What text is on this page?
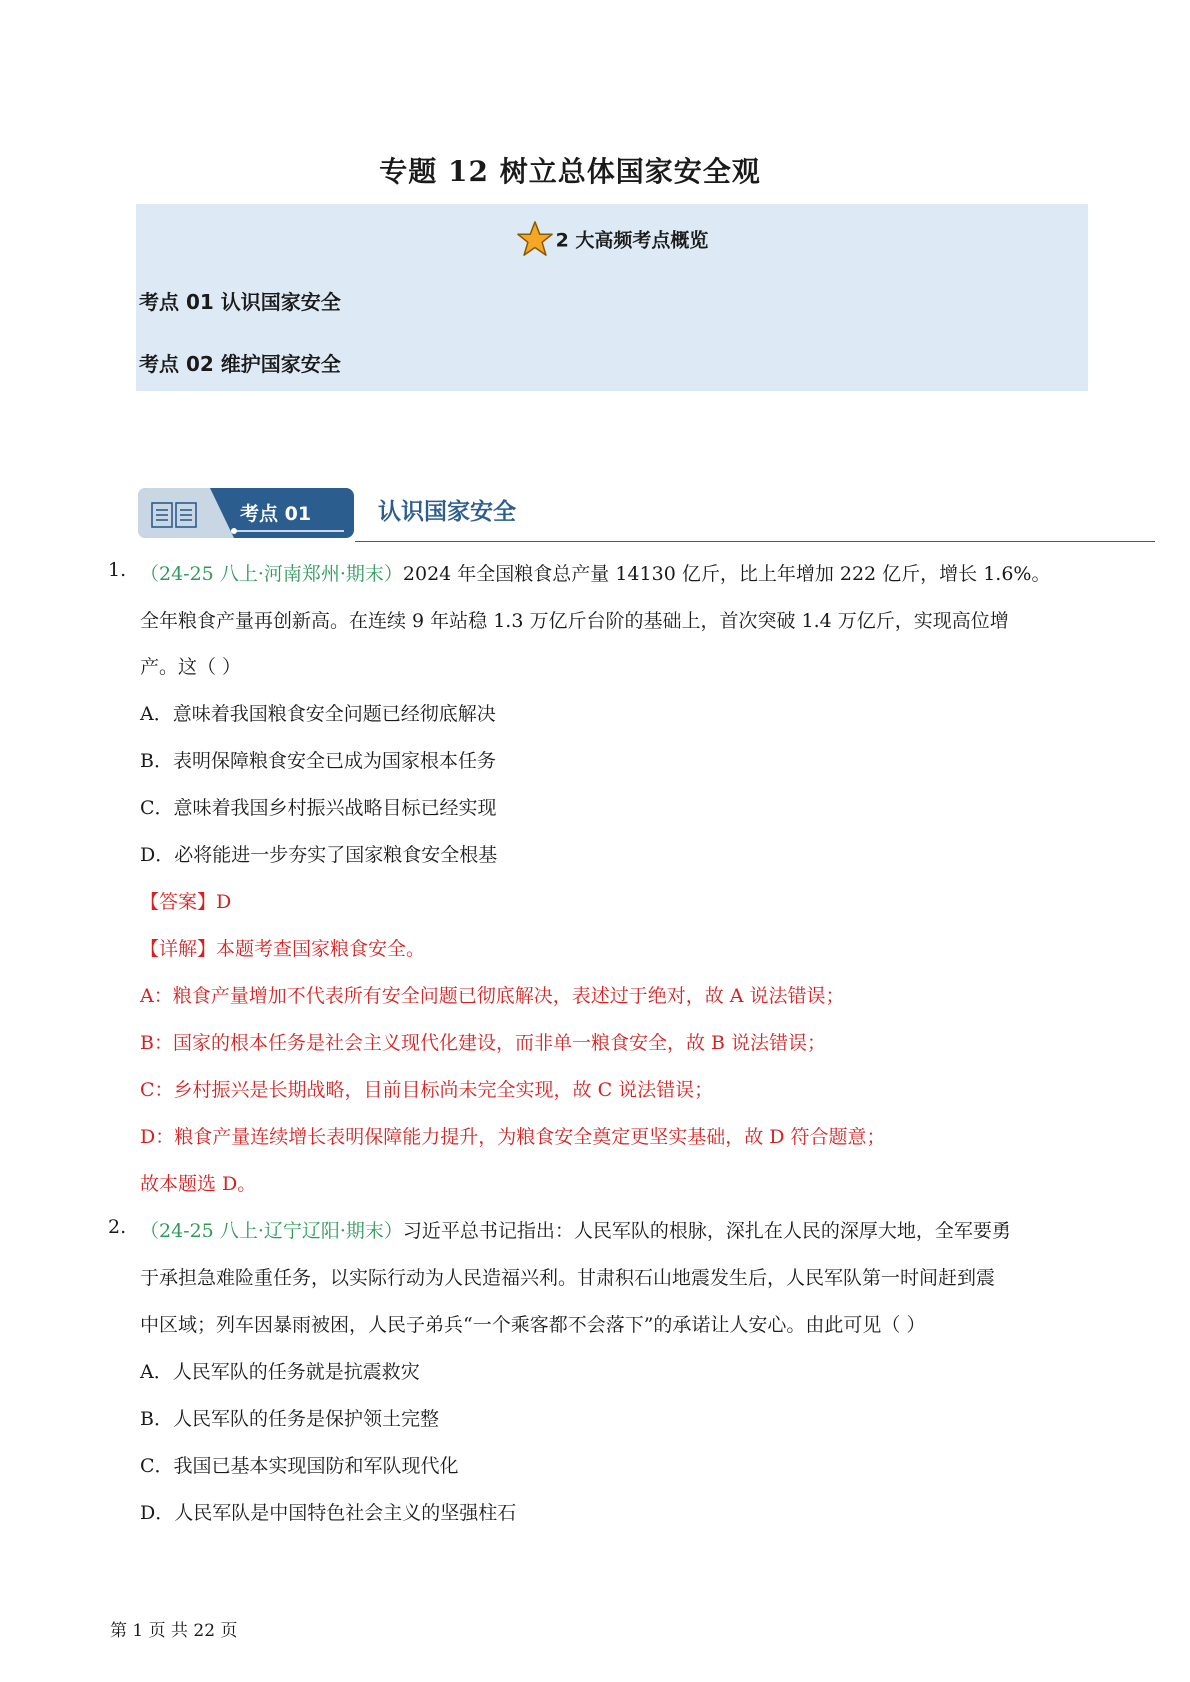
专题 12 树立总体国家安全观
2 大高频考点概览
考点 01 认识国家安全
考点 02 维护国家安全
考点 01	认识国家安全
1. （24-25 八上·河南郑州·期末）2024 年全国粮食总产量 14130 亿斤，比上年增加 222 亿斤，增长 1.6%。
全年粮食产量再创新高。在连续 9 年站稳 1.3 万亿斤台阶的基础上，首次突破 1.4 万亿斤，实现高位增
产。这（ ）
A．意味着我国粮食安全问题已经彻底解决
B．表明保障粮食安全已成为国家根本任务
C．意味着我国乡村振兴战略目标已经实现
D．必将能进一步夯实了国家粮食安全根基
【答案】D
【详解】本题考查国家粮食安全。
A：粮食产量增加不代表所有安全问题已彻底解决，表述过于绝对，故 A 说法错误；
B：国家的根本任务是社会主义现代化建设，而非单一粮食安全，故 B 说法错误；
C：乡村振兴是长期战略，目前目标尚未完全实现，故 C 说法错误；
D：粮食产量连续增长表明保障能力提升，为粮食安全奠定更坚实基础，故 D 符合题意；
故本题选 D。
2. （24-25 八上·辽宁辽阳·期末）习近平总书记指出：人民军队的根脉，深扎在人民的深厚大地，全军要勇
于承担急难险重任务，以实际行动为人民造福兴利。甘肃积石山地震发生后，人民军队第一时间赶到震
中区域；列车因暴雨被困，人民子弟兵“一个乘客都不会落下”的承诺让人安心。由此可见（ ）
A．人民军队的任务就是抗震救灾
B．人民军队的任务是保护领土完整
C．我国已基本实现国防和军队现代化
D．人民军队是中国特色社会主义的坚强柱石
第 1 页 共 22 页
